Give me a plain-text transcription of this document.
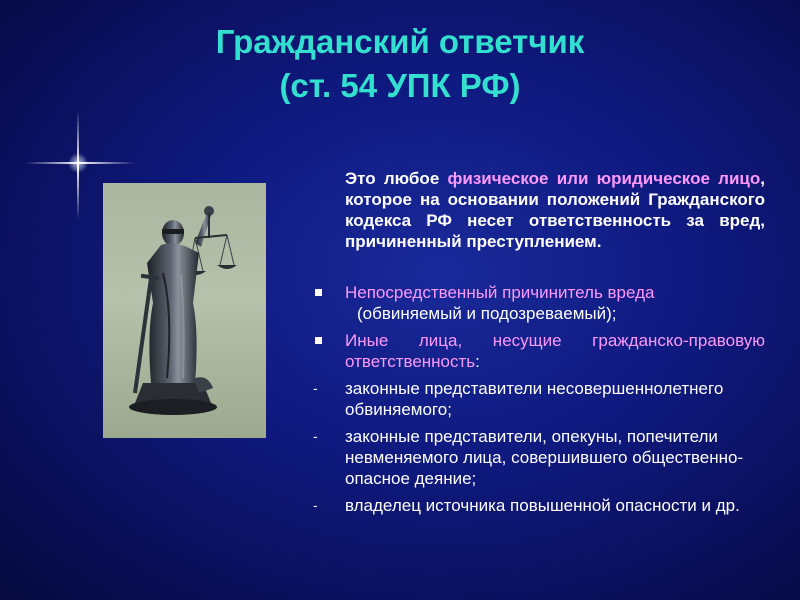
Гражданский ответчик
(ст. 54 УПК РФ)

Это любое физическое или юридическое лицо, которое на основании положений Гражданского кодекса РФ несет ответственность за вред, причиненный преступлением.

Непосредственный причинитель вреда

(обвиняемый и подозреваемый);

Иные лица, несущие гражданско-правовую ответственность:

- законные представители несовершеннолетнего обвиняемого;

- законные представители, опекуны, попечители невменяемого лица, совершившего общественно-опасное деяние;

- владелец источника повышенной опасности и др.
